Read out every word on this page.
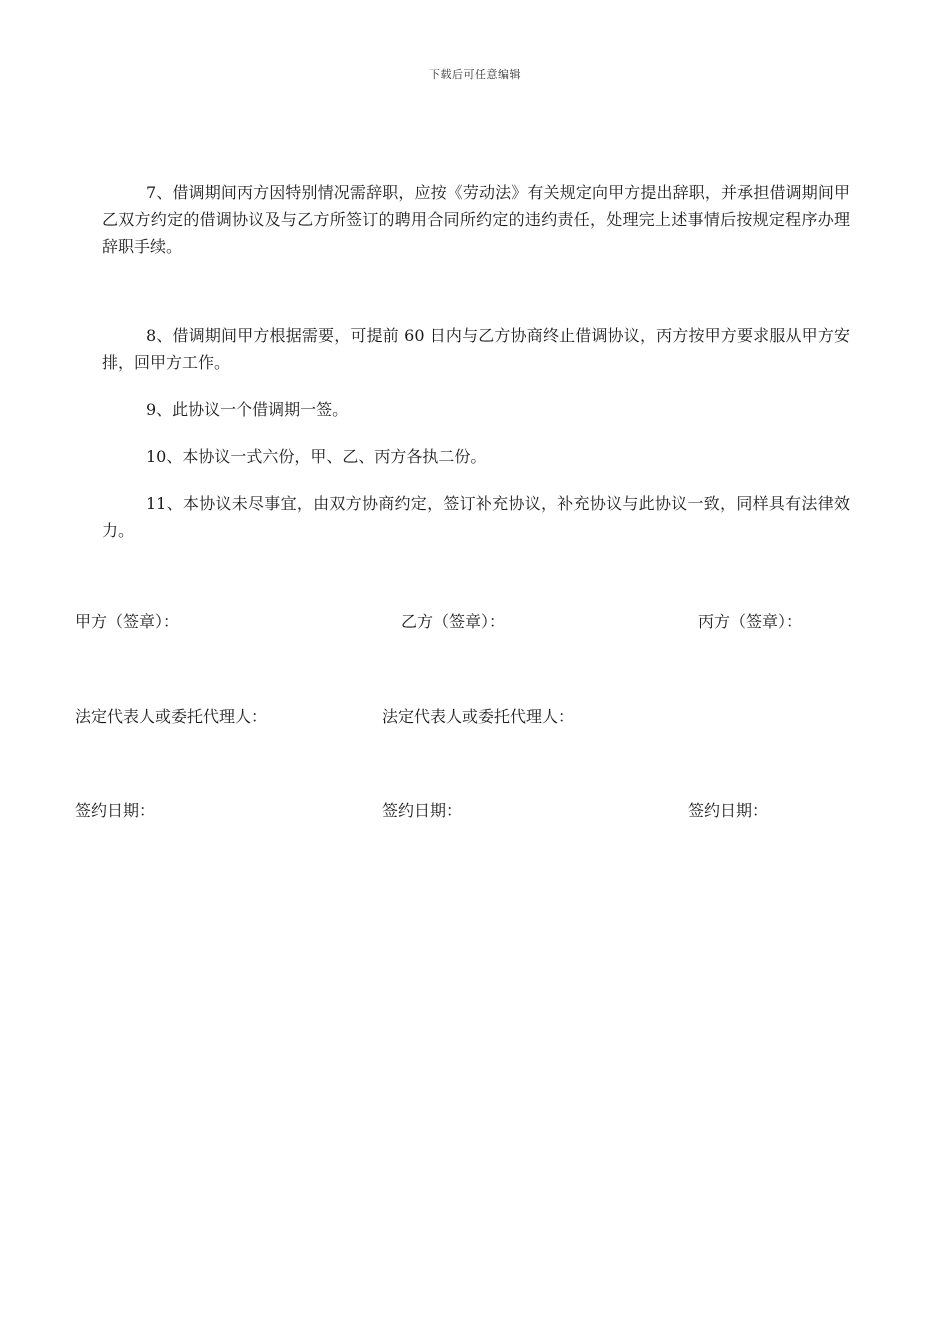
下载后可任意编辑

7、借调期间丙方因特别情况需辞职，应按《劳动法》有关规定向甲方提出辞职，并承担借调期间甲乙双方约定的借调协议及与乙方所签订的聘用合同所约定的违约责任，处理完上述事情后按规定程序办理辞职手续。

8、借调期间甲方根据需要，可提前 60 日内与乙方协商终止借调协议，丙方按甲方要求服从甲方安排，回甲方工作。

9、此协议一个借调期一签。

10、本协议一式六份，甲、乙、丙方各执二份。

11、本协议未尽事宜，由双方协商约定，签订补充协议，补充协议与此协议一致，同样具有法律效力。

甲方（签章）：	乙方（签章）：	丙方（签章）：
法定代表人或委托代理人：	法定代表人或委托代理人：
签约日期：	签约日期：	签约日期：
